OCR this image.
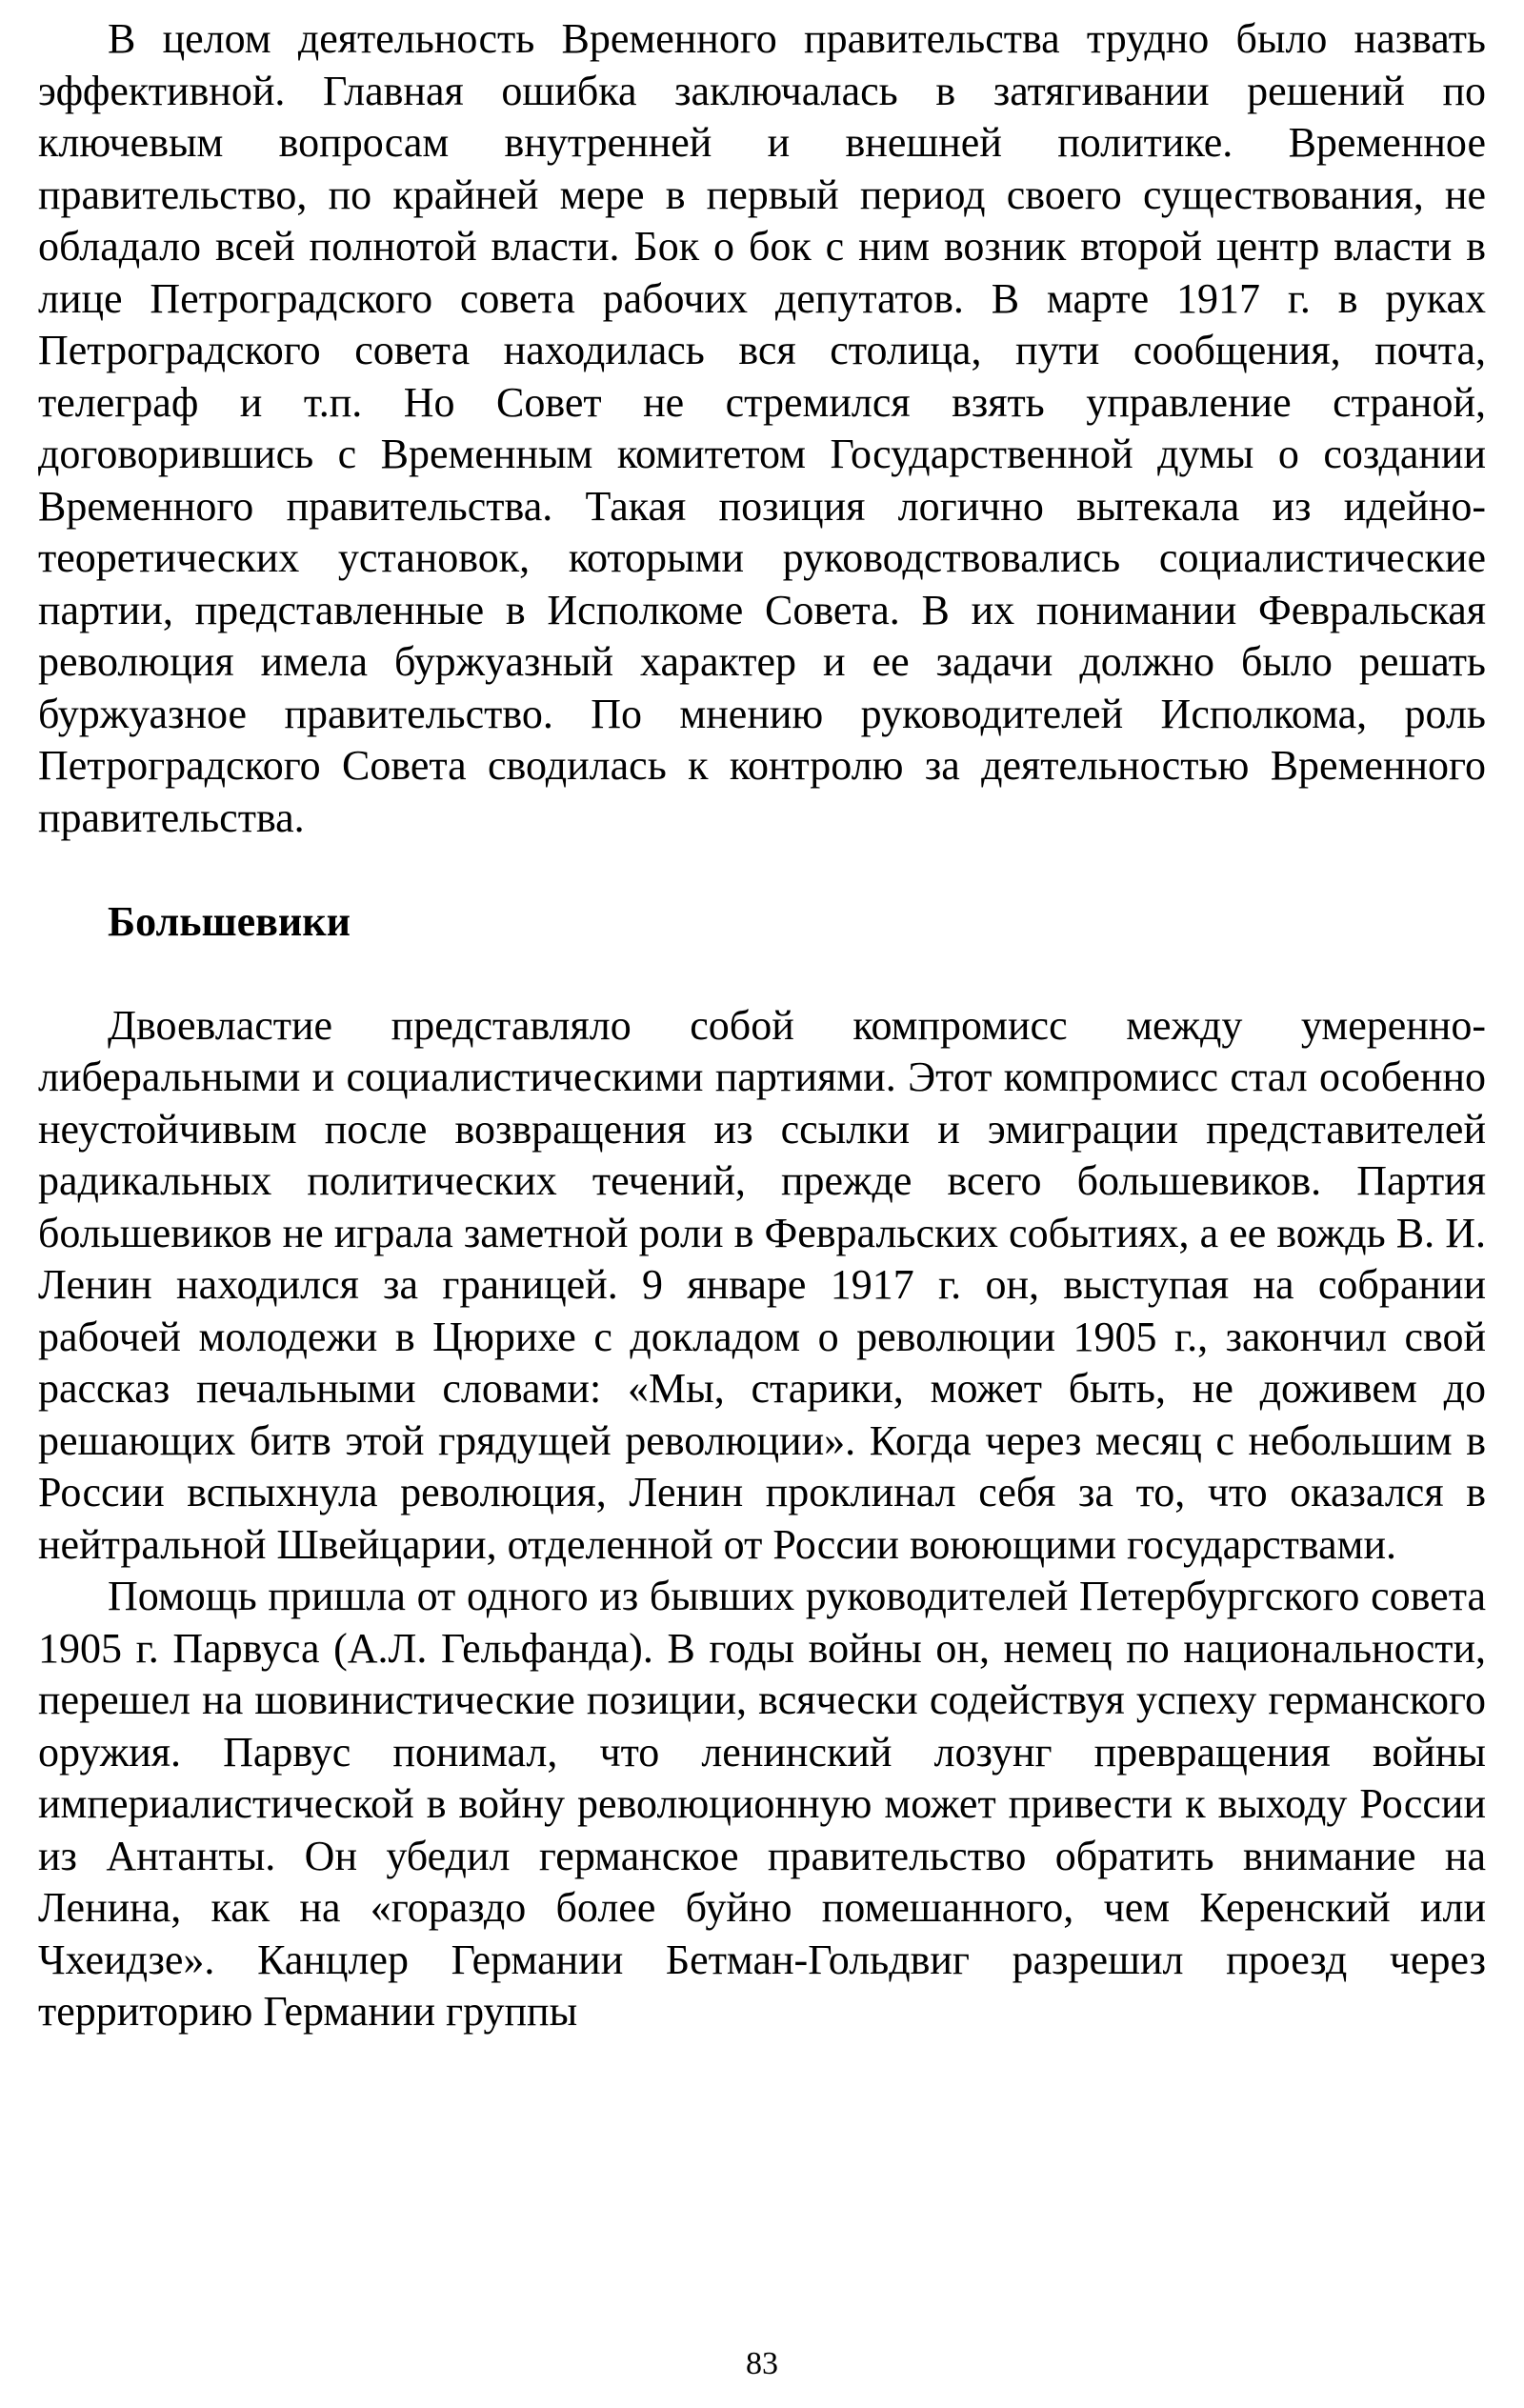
В целом деятельность Временного правительства трудно было назвать эффективной. Главная ошибка заключалась в затягивании решений по ключевым вопросам внутренней и внешней политике. Временное правительство, по крайней мере в первый период своего существования, не обладало всей полнотой власти. Бок о бок с ним возник второй центр власти в лице Петроградского совета рабочих депутатов. В марте 1917 г. в руках Петроградского совета находилась вся столица, пути сообщения, почта, телеграф и т.п. Но Совет не стремился взять управление страной, договорившись с Временным комитетом Государственной думы о создании Временного правительства. Такая позиция логично вытекала из идейно-теоретических установок, которыми руководствовались социалистические партии, представленные в Исполкоме Совета. В их понимании Февральская революция имела буржуазный характер и ее задачи должно было решать буржуазное правительство. По мнению руководителей Исполкома, роль Петроградского Совета сводилась к контролю за деятельностью Временного правительства.

Большевики

Двоевластие представляло собой компромисс между умеренно-либеральными и социалистическими партиями. Этот компромисс стал особенно неустойчивым после возвращения из ссылки и эмиграции представителей радикальных политических течений, прежде всего большевиков. Партия большевиков не играла заметной роли в Февральских событиях, а ее вождь В. И. Ленин находился за границей. 9 январе 1917 г. он, выступая на собрании рабочей молодежи в Цюрихе с докладом о революции 1905 г., закончил свой рассказ печальными словами: «Мы, старики, может быть, не доживем до решающих битв этой грядущей революции». Когда через месяц с небольшим в России вспыхнула революция, Ленин проклинал себя за то, что оказался в нейтральной Швейцарии, отделенной от России воюющими государствами.

Помощь пришла от одного из бывших руководителей Петербургского совета 1905 г. Парвуса (А.Л. Гельфанда). В годы войны он, немец по национальности, перешел на шовинистические позиции, всячески содействуя успеху германского оружия. Парвус понимал, что ленинский лозунг превращения войны империалистической в войну революционную может привести к выходу России из Антанты. Он убедил германское правительство обратить внимание на Ленина, как на «гораздо более буйно помешанного, чем Керенский или Чхеидзе». Канцлер Германии Бетман-Гольдвиг разрешил проезд через территорию Германии группы

83
